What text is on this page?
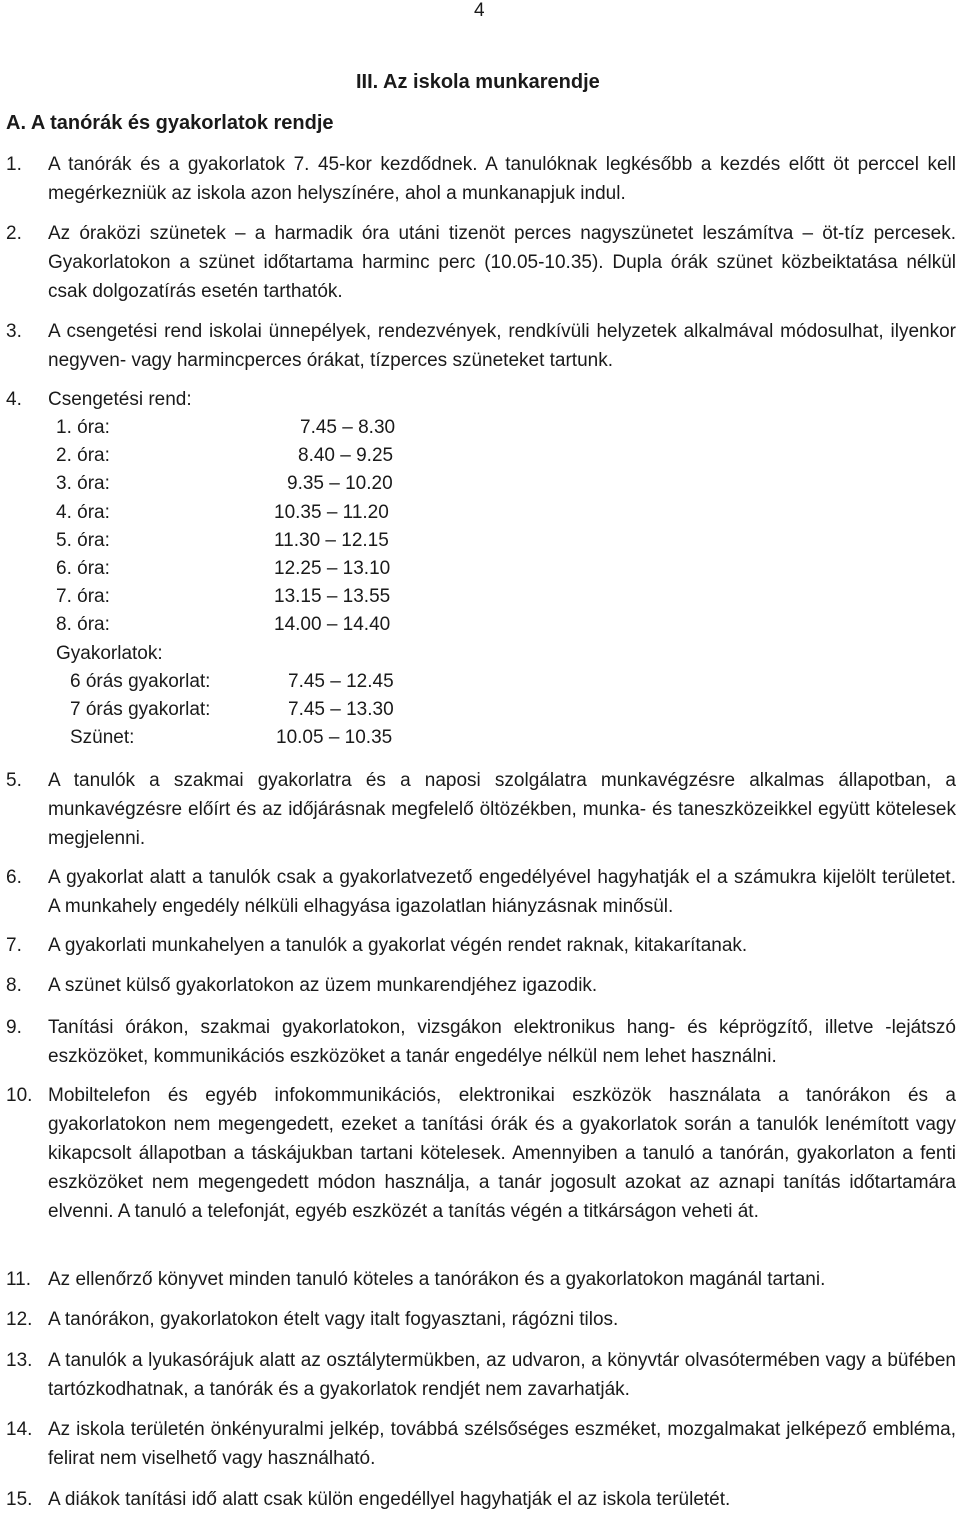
4
III. Az iskola munkarendje
A. A tanórák és gyakorlatok rendje
1. A tanórák és a gyakorlatok 7. 45-kor kezdődnek. A tanulóknak legkésőbb a kezdés előtt öt perccel kell megérkezniük az iskola azon helyszínére, ahol a munkanapjuk indul.
2. Az óraközi szünetek – a harmadik óra utáni tizenöt perces nagyszünetet leszámítva – öt-tíz percesek. Gyakorlatokon a szünet időtartama harminc perc (10.05-10.35). Dupla órák szünet közbeiktatása nélkül csak dolgozatírás esetén tarthatók.
3. A csengetési rend iskolai ünnepélyek, rendezvények, rendkívüli helyzetek alkalmával módosulhat, ilyenkor negyven- vagy harmincperces órákat, tízperces szüneteket tartunk.
4. Csengetési rend:
1. óra:	7.45 – 8.30
2. óra:	8.40 – 9.25
3. óra:	9.35 – 10.20
4. óra:	10.35 – 11.20
5. óra:	11.30 – 12.15
6. óra:	12.25 – 13.10
7. óra:	13.15 – 13.55
8. óra:	14.00 – 14.40
Gyakorlatok:
6 órás gyakorlat:	7.45 – 12.45
7 órás gyakorlat:	7.45 – 13.30
Szünet:	10.05 – 10.35
5. A tanulók a szakmai gyakorlatra és a naposi szolgálatra munkavégzésre alkalmas állapotban, a munkavégzésre előírt és az időjárásnak megfelelő öltözékben, munka- és taneszközeikkel együtt kötelesek megjelenni.
6. A gyakorlat alatt a tanulók csak a gyakorlatvezető engedélyével hagyhatják el a számukra kijelölt területet. A munkahely engedély nélküli elhagyása igazolatlan hiányzásnak minősül.
7. A gyakorlati munkahelyen a tanulók a gyakorlat végén rendet raknak, kitakarítanak.
8. A szünet külső gyakorlatokon az üzem munkarendjéhez igazodik.
9. Tanítási órákon, szakmai gyakorlatokon, vizsgákon elektronikus hang- és képrögzítő, illetve -lejátszó eszközöket, kommunikációs eszközöket a tanár engedélye nélkül nem lehet használni.
10. Mobiltelefon és egyéb infokommunikációs, elektronikai eszközök használata a tanórákon és a gyakorlatokon nem megengedett, ezeket a tanítási órák és a gyakorlatok során a tanulók lenémított vagy kikapcsolt állapotban a táskájukban tartani kötelesek. Amennyiben a tanuló a tanórán, gyakorlaton a fenti eszközöket nem megengedett módon használja, a tanár jogosult azokat az aznapi tanítás időtartamára elvenni. A tanuló a telefonját, egyéb eszközét a tanítás végén a titkárságon veheti át.
11. Az ellenőrző könyvet minden tanuló köteles a tanórákon és a gyakorlatokon magánál tartani.
12. A tanórákon, gyakorlatokon ételt vagy italt fogyasztani, rágózni tilos.
13. A tanulók a lyukasórájuk alatt az osztálytermükben, az udvaron, a könyvtár olvasótermében vagy a büfében tartózkodhatnak, a tanórák és a gyakorlatok rendjét nem zavarhatják.
14. Az iskola területén önkényuralmi jelkép, továbbá szélsőséges eszméket, mozgalmakat jelképező embléma, felirat nem viselhető vagy használható.
15. A diákok tanítási idő alatt csak külön engedéllyel hagyhatják el az iskola területét.
